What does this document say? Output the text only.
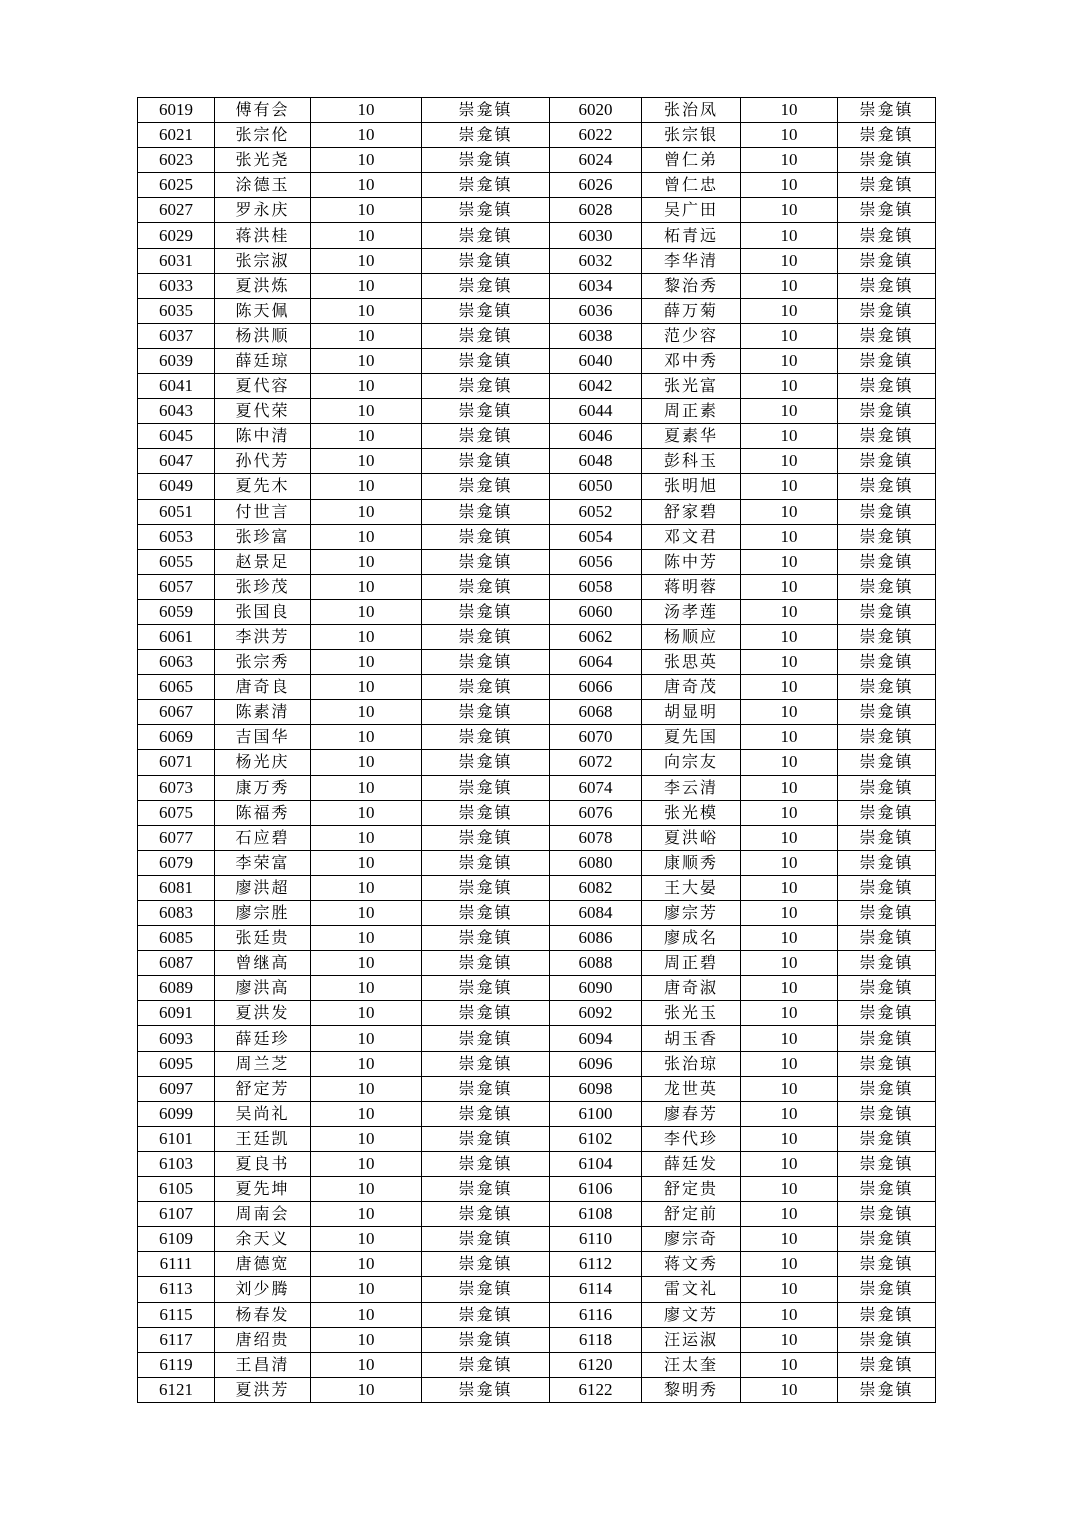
6019	傅有会	10	崇龛镇	6020	张治凤	10	崇龛镇
6021	张宗伦	10	崇龛镇	6022	张宗银	10	崇龛镇
6023	张光尧	10	崇龛镇	6024	曾仁弟	10	崇龛镇
6025	涂德玉	10	崇龛镇	6026	曾仁忠	10	崇龛镇
6027	罗永庆	10	崇龛镇	6028	吴广田	10	崇龛镇
6029	蒋洪桂	10	崇龛镇	6030	柘青远	10	崇龛镇
6031	张宗淑	10	崇龛镇	6032	李华清	10	崇龛镇
6033	夏洪炼	10	崇龛镇	6034	黎治秀	10	崇龛镇
6035	陈天佩	10	崇龛镇	6036	薛万菊	10	崇龛镇
6037	杨洪顺	10	崇龛镇	6038	范少容	10	崇龛镇
6039	薛廷琼	10	崇龛镇	6040	邓中秀	10	崇龛镇
6041	夏代容	10	崇龛镇	6042	张光富	10	崇龛镇
6043	夏代荣	10	崇龛镇	6044	周正素	10	崇龛镇
6045	陈中清	10	崇龛镇	6046	夏素华	10	崇龛镇
6047	孙代芳	10	崇龛镇	6048	彭科玉	10	崇龛镇
6049	夏先木	10	崇龛镇	6050	张明旭	10	崇龛镇
6051	付世言	10	崇龛镇	6052	舒家碧	10	崇龛镇
6053	张珍富	10	崇龛镇	6054	邓文君	10	崇龛镇
6055	赵景足	10	崇龛镇	6056	陈中芳	10	崇龛镇
6057	张珍茂	10	崇龛镇	6058	蒋明蓉	10	崇龛镇
6059	张国良	10	崇龛镇	6060	汤孝莲	10	崇龛镇
6061	李洪芳	10	崇龛镇	6062	杨顺应	10	崇龛镇
6063	张宗秀	10	崇龛镇	6064	张思英	10	崇龛镇
6065	唐奇良	10	崇龛镇	6066	唐奇茂	10	崇龛镇
6067	陈素清	10	崇龛镇	6068	胡显明	10	崇龛镇
6069	吉国华	10	崇龛镇	6070	夏先国	10	崇龛镇
6071	杨光庆	10	崇龛镇	6072	向宗友	10	崇龛镇
6073	康万秀	10	崇龛镇	6074	李云清	10	崇龛镇
6075	陈福秀	10	崇龛镇	6076	张光模	10	崇龛镇
6077	石应碧	10	崇龛镇	6078	夏洪峪	10	崇龛镇
6079	李荣富	10	崇龛镇	6080	康顺秀	10	崇龛镇
6081	廖洪超	10	崇龛镇	6082	王大晏	10	崇龛镇
6083	廖宗胜	10	崇龛镇	6084	廖宗芳	10	崇龛镇
6085	张廷贵	10	崇龛镇	6086	廖成名	10	崇龛镇
6087	曾继高	10	崇龛镇	6088	周正碧	10	崇龛镇
6089	廖洪高	10	崇龛镇	6090	唐奇淑	10	崇龛镇
6091	夏洪发	10	崇龛镇	6092	张光玉	10	崇龛镇
6093	薛廷珍	10	崇龛镇	6094	胡玉香	10	崇龛镇
6095	周兰芝	10	崇龛镇	6096	张治琼	10	崇龛镇
6097	舒定芳	10	崇龛镇	6098	龙世英	10	崇龛镇
6099	吴尚礼	10	崇龛镇	6100	廖春芳	10	崇龛镇
6101	王廷凯	10	崇龛镇	6102	李代珍	10	崇龛镇
6103	夏良书	10	崇龛镇	6104	薛廷发	10	崇龛镇
6105	夏先坤	10	崇龛镇	6106	舒定贵	10	崇龛镇
6107	周南会	10	崇龛镇	6108	舒定前	10	崇龛镇
6109	余天义	10	崇龛镇	6110	廖宗奇	10	崇龛镇
6111	唐德宽	10	崇龛镇	6112	蒋文秀	10	崇龛镇
6113	刘少腾	10	崇龛镇	6114	雷文礼	10	崇龛镇
6115	杨春发	10	崇龛镇	6116	廖文芳	10	崇龛镇
6117	唐绍贵	10	崇龛镇	6118	汪运淑	10	崇龛镇
6119	王昌清	10	崇龛镇	6120	汪太奎	10	崇龛镇
6121	夏洪芳	10	崇龛镇	6122	黎明秀	10	崇龛镇
